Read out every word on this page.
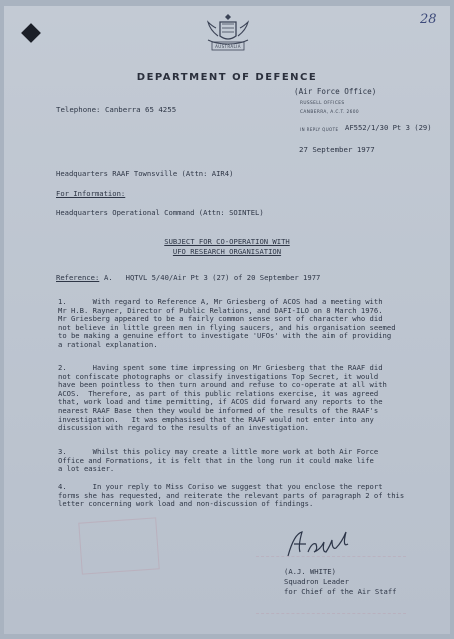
AUSTRALIA
28
DEPARTMENT OF DEFENCE
(Air Force Office)
RUSSELL OFFICES
Telephone: Canberra 65 4255	CANBERRA, A.C.T. 2600
IN REPLY QUOTE AF552/1/30 Pt 3 (29)
27 September 1977
Headquarters RAAF Townsville (Attn: AIR4)
For Information:
Headquarters Operational Command (Attn: SOINTEL)
SUBJECT FOR CO-OPERATION WITH
UFO RESEARCH ORGANISATION
Reference: A.   HQTVL 5/40/Air Pt 3 (27) of 20 September 1977
1.      With regard to Reference A, Mr Griesberg of ACOS had a meeting with
Mr H.B. Rayner, Director of Public Relations, and DAFI-ILO on 8 March 1976.
Mr Griesberg appeared to be a fairly common sense sort of character who did
not believe in little green men in flying saucers, and his organisation seemed
to be making a genuine effort to investigate 'UFOs' with the aim of providing
a rational explanation.
2.      Having spent some time impressing on Mr Griesberg that the RAAF did
not confiscate photographs or classify investigations Top Secret, it would
have been pointless to then turn around and refuse to co-operate at all with
ACOS.  Therefore, as part of this public relations exercise, it was agreed
that, work load and time permitting, if ACOS did forward any reports to the
nearest RAAF Base then they would be informed of the results of the RAAF's
investigation.   It was emphasised that the RAAF would not enter into any
discussion with regard to the results of an investigation.
3.      Whilst this policy may create a little more work at both Air Force
Office and Formations, it is felt that in the long run it could make life
a lot easier.
4.      In your reply to Miss Coriso we suggest that you enclose the report
forms she has requested, and reiterate the relevant parts of paragraph 2 of this
letter concerning work load and non-discussion of findings.
(A.J. WHITE)
Squadron Leader
for Chief of the Air Staff
